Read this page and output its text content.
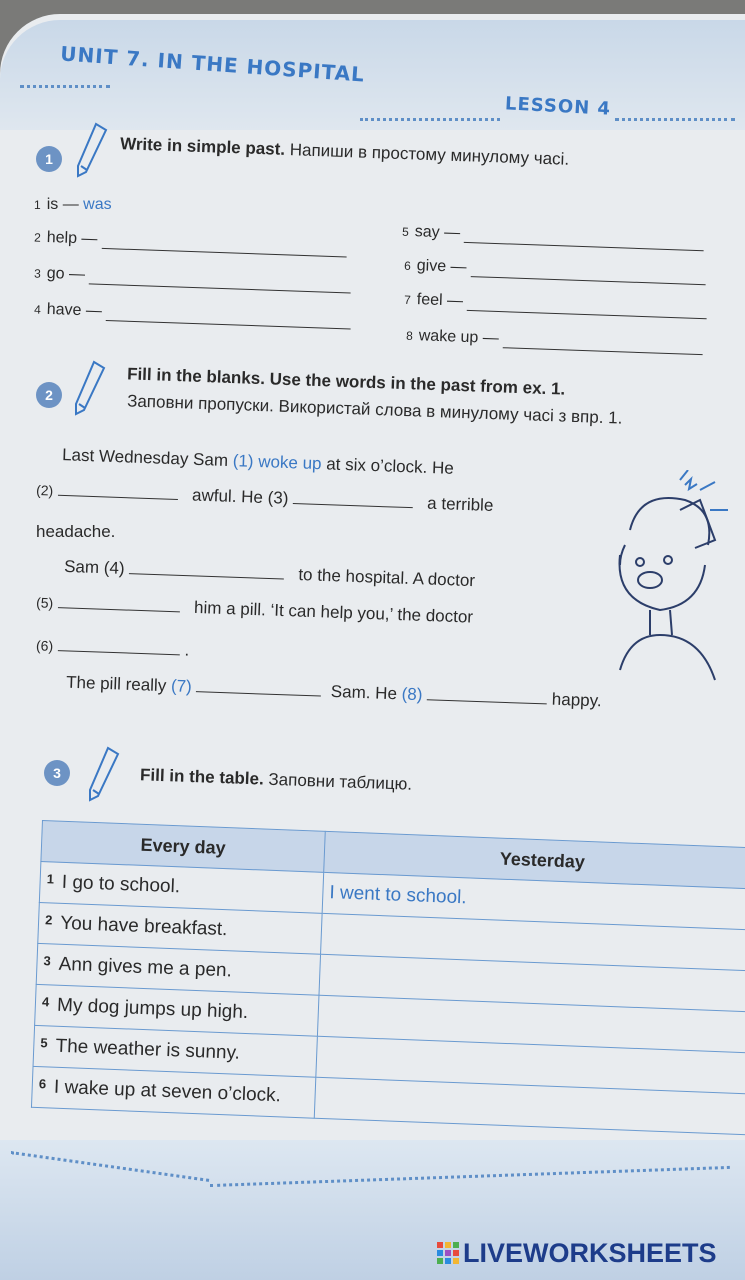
UNIT 7. IN THE HOSPITAL
LESSON 4
1
Write in simple past. Напиши в простому минулому часі.
1 is — was
2 help —
3 go —
4 have —
5 say —
6 give —
7 feel —
8 wake up —
2	Fill in the blanks. Use the words in the past from ex. 1.
Заповни пропуски. Використай слова в минулому часі з впр. 1.
Last Wednesday Sam (1) woke up at six o’clock. He
(2)	awful. He (3)	a terrible
headache.
Sam (4)	to the hospital. A doctor
(5)	him a pill. ‘It can help you,’ the doctor
(6)	.
The pill really (7)	Sam. He (8)	happy.
3	Fill in the table. Заповни таблицю.
Every day	Yesterday
$^1$ I go to school.	I went to school.
$^2$ You have breakfast.	
$^3$ Ann gives me a pen.	
$^4$ My dog jumps up high.	
$^5$ The weather is sunny.	
$^6$ I wake up at seven o’clock.	
LIVEWORKSHEETS
